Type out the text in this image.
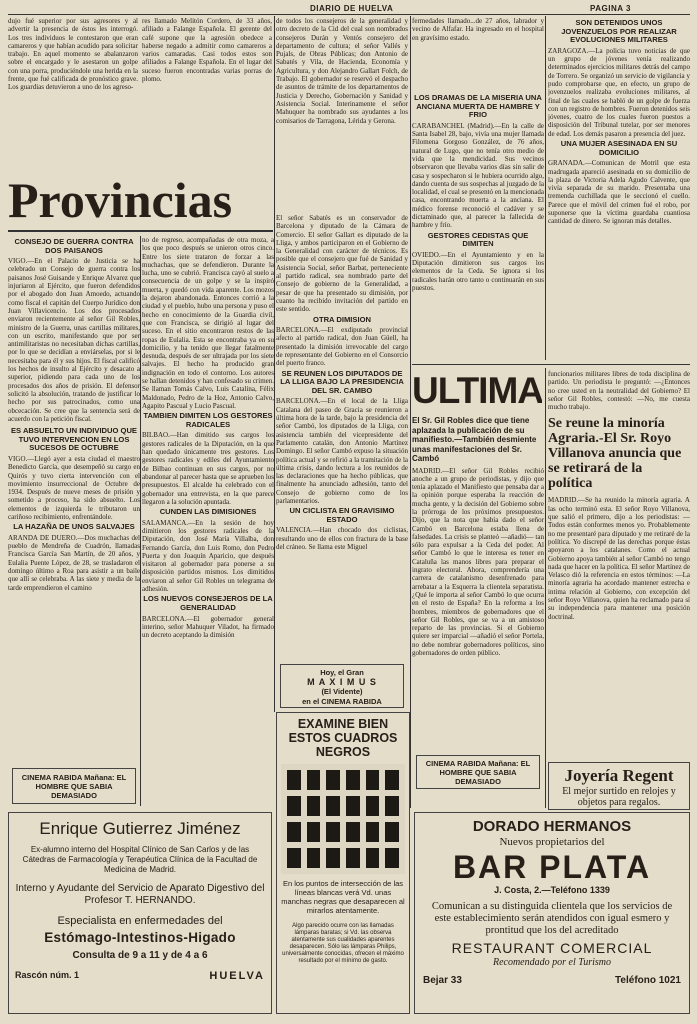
DIARIO DE HUELVA	PAGINA 3
dujo fué superior por sus agresores y al advertir la presencia de éstos les interrogó. Los tres individuos le contestaron que eran camareros y que habían acudido para solicitar trabajo. En aquel momento se abalanzaron sobre el encargado y le asestaron un golpe con una porra, produciéndole una herida en la frente, que fué calificada de pronóstico grave. Los guardias detuvieron a uno de los agreso-
res llamado Melitón Cordero, de 33 años, afiliado a Falange Española. El gerente del café supone que la agresión obedece a haberse negado a admitir como camareros a varios camaradas. Casi todos estos son afiliados a Falange Española. En el lugar del suceso fueron encontradas varias porras de plomo.
de todos los consejeros de la generalidad y otro decreto de la Cid del cual son nombrados consejeros Durán y Ventós consejero del departamento de cultura; el señor Vallés y Pujals, de Obras Públicas; don Antonio de Sabatés y Vila, de Hacienda, Economía y Agricultura, y don Alejandro Gallart Folch, de Trabajo. El gobernador se reservó el despacho de asuntos de trámite de los departamentos de Justicia y Derecho, Gobernación y Sanidad y Asistencia Social. Interinamente el señor Mahuquer ha nombrado sus ayudantes a los comisarios de Tarragona, Lérida y Gerona.
fermedades llamado...de 27 años, labrador y vecino de Alfafar. Ha ingresado en el hospital en gravísimo estado.
Provincias
CONSEJO DE GUERRA CONTRA DOS PAISANOS
VIGO.—En el Palacio de Justicia se ha celebrado un Consejo de guerra contra los paisanos José Guisande y Enrique Alvarez que injuriaron al Ejército, que fueron defendidos por el abogado don Juan Amoedo, actuando como fiscal el capitán del Cuerpo Jurídico don Juan Villavicencio. Los dos procesados enviaron recientemente al señor Gil Robles, ministro de la Guerra, unas cartillas militares, con un escrito, manifestando que por ser antimilitaristas no necesitaban dichas cartillas, por lo que se decidían a enviárselas, por si le necesitaba para él y sus hijos. El fiscal calificó los hechos de insulto al Ejército y desacato a superior, pidiendo para cada uno de los procesados dos años de prisión. El defensor solicitó la absolución, tratando de justificar lo hecho por sus patrocinados, como una obcecación. Se cree que la sentencia será de acuerdo con la petición fiscal.
ES ABSUELTO UN INDIVIDUO QUE TUVO INTERVENCION EN LOS SUCESOS DE OCTUBRE
VIGO.—Llegó ayer a esta ciudad el maestro Benedicto García, que desempeñó su cargo en Quirós y tuvo cierta intervención con el movimiento insurreccional de Octubre de 1934. Después de nueve meses de prisión y sometido a proceso, ha sido absuelto. Los elementos de izquierda le tributaron un cariñoso recibimiento, enfrentándole.
LA HAZAÑA DE UNOS SALVAJES
ARANDA DE DUERO.—Dos muchachas del pueblo de Mendreña de Cuadrón, llamadas Francisca García San Martín, de 20 años, y Eulalia Puente López, de 28, se trasladaron el domingo último a Roa para asistir a un baile que allí se celebraba. A las siete y media de la tarde emprendieron el camino
CINEMA RABIDA Mañana: EL HOMBRE QUE SABIA DEMASIADO
no de regreso, acompañadas de otra moza, a los que poco después se unieron otros cinco. Entre los siete trataron de forzar a las muchachas, que se defendieron. Durante la lucha, uno se cubrió. Francisca cayó al suelo a consecuencia de un golpe y se la inspiró muerta, y quedó con vida aparente. Los mozos la dejaron abandonada. Entonces corrió a la ciudad y el pueblo, hubo una persona y puso el hecho en conocimiento de la Guardia civil, que con Francisca, se dirigió al lugar del suceso. En el sitio encontraron restos de las ropas de Eulalia. Esta se encontraba ya en su domicilio, y ha tenido que llegar fatalmente desnuda, después de ser ultrajada por los siete salvajes. El hecho ha producido gran indignación en todo el contorno. Los autores se hallan detenidos y han confesado su crimen. Se llaman Tomás Calvo, Luis Catalina, Félix Maldonado, Pedro de la Hoz, Antonio Calvo, Agapito Pascual y Lucio Pascual.
TAMBIEN DIMITEN LOS GESTORES RADICALES
BILBAO.—Han dimitido sus cargos los gestores radicales de la Diputación, en la que han quedado únicamente tres gestores. Los gestores radicales y ediles del Ayuntamiento de Bilbao continuan en sus cargos, por no abandonar al parecer hasta que se aprueben los presupuestos. El alcalde ha celebrado con el gobernador una entrevista, en la que parece llegaron a la solución apuntada.
CUNDEN LAS DIMISIONES
SALAMANCA.—En la sesión de hoy dimitieron los gestores radicales de la Diputación, don José María Villalba, don Fernando García, don Luis Romo, don Pedro Puerta y don Joaquín Aparicio, que después visitaron al gobernador para ponerse a su disposición partidos mismos. Los dimitidos enviaron al señor Gil Robles un telegrama de adhesión.
LOS NUEVOS CONSEJEROS DE LA GENERALIDAD
BARCELONA.—El gobernador general interino, señor Mahuquer Viladot, ha firmado un decreto aceptando la dimisión
El señor Sabatés es un conservador de Barcelona y diputado de la Cámara de Comercio. El señor Gallart es diputado de la Lliga, y ambos participaron en el Gobierno de la Generalidad con carácter de técnicos. Es posible que el consejero que fué de Sanidad y Asistencia Social, señor Barbat, perteneciente al partido radical, sea nombrado parte del Consejo de gobierno de la Generalidad, a pesar de que ha presentado su dimisión, por cuanto ha recibido invitación del partido en este sentido.
OTRA DIMISION
BARCELONA.—El exdiputado provincial afecto al partido radical, don Juan Güell, ha presentado la dimisión irrevocable del cargo de representante del Gobierno en el Consorcio del puerto franco.
SE REUNEN LOS DIPUTADOS DE LA LLIGA BAJO LA PRESIDENCIA DEL SR. CAMBO
BARCELONA.—En el local de la Lliga Catalana del paseo de Gracia se reunieron a última hora de la tarde, bajo la presidencia del señor Cambó, los diputados de la Lliga, con asistencia también del vicepresidente del Parlamento catalán, don Antonio Martínez Domingo. El señor Cambó expuso la situación política actual y se refirió a la tramitación de la última crisis, dando lectura a los reunidos de las declaraciones que ha hecho públicas, que finalmente ha anunciado adhesión, tanto del Consejo de gobierno como de los parlamentarios.
UN CICLISTA EN GRAVISIMO ESTADO
VALENCIA.—Han chocado dos ciclistas, resultando uno de ellos con fractura de la base del cráneo. Se llama este Miguel
Hoy, el Gran
M A X I M U S
(El Vidente)
en el CINEMA RABIDA
LOS DRAMAS DE LA MISERIA UNA ANCIANA MUERTA DE HAMBRE Y FRIO
CARABANCHEL (Madrid).—En la calle de Santa Isabel 28, bajo, vivía una mujer llamada Filomena Gorgoso González, de 76 años, natural de Lugo, que no tenía otro medio de vida que la mendicidad. Sus vecinos observaron que llevaba varios días sin salir de casa y sospecharon si le hubiera ocurrido algo, dando cuenta de sus sospechas al juzgado de la localidad, el cual se presentó en la mencionada casa, encontrando muerta a la anciana. El médico forense reconoció el cadáver y se dictaminado que, al parecer la fallecida de hambre y frío.
GESTORES CEDISTAS QUE DIMITEN
OVIEDO.—En el Ayuntamiento y en la Diputación dimitieron sus cargos los elementos de la Ceda. Se ignora si los radicales harán otro tanto o continuarán en sus puestos.
SON DETENIDOS UNOS JOVENZUELOS POR REALIZAR EVOLUCIONES MILITARES
ZARAGOZA.—La policia tuvo noticias de que un grupo de jóvenes venía realizando determinados ejercicios militares detrás del campo de Torrero. Se organizó un servicio de vigilancia y pudo comprobarse que, en efecto, un grupo de jovenzuelos realizaba evoluciones militares, al final de las cuales se habló de un golpe de fuerza con un registro de hombres. Fueron detenidos seis jóvenes, cuatro de los cuales fueron puestos a disposición del Tribunal tutelar, por ser menores de edad. Los demás pasaron a presencia del juez.
UNA MUJER ASESINADA EN SU DOMICILIO
GRANADA.—Comunican de Motril que esta madrugada apareció asesinada en su domicilio de la plaza de Victoria Adela Agudo Calvente, que vivía separada de su marido. Presentaba una tremenda cuchillada que le seccionó el cuello. Parece que el móvil del crimen fué el robo, por suponerse que la víctima guardaba cuantiosa cantidad de dinero. Se ignoran más detalles.
ULTIMA
El Sr. Gil Robles dice que tiene aplazada la publicación de su manifiesto.—También desmiente unas manifestaciones del Sr. Cambó
MADRID.—El señor Gil Robles recibió anoche a un grupo de periodistas, y dijo que tenía aplazado el Manifiesto que pensaba dar a la opinión porque esperaba la reacción de mucha gente, y la decisión del Gobierno sobre la prórroga de los próximos presupuestos. Dijo, que la nota que había dado el señor Cambó en Barcelona estaba llena de falsedades. La crisis se planteó —añadió— tan sólo para expulsar a la Ceda del poder. Al señor Cambó lo que le interesa es tener en Cataluña las manos libres para preparar el ingrato electoral. Ahora, comprendería una carrera de catalanismo desenfrenado para arrebatar a la Esquerra la clientela separatista. ¿Qué le importa al señor Cambó lo que ocurra en el resto de España? En la reforma a los hombres, miembros de gobernadores que el señor Gil Robles, que se va a un amistoso reparto de las provincias. Si el Gobierno quiere ser imparcial —añadió el señor Portela, no debe nombrar gobernadores políticos, sino gobernadores de orden público.
funcionarios militares libres de toda disciplina de partido. Un periodista le preguntó: —¿Entonces no cree usted en la neutralidad del Gobierno? El señor Gil Robles, contestó: —No, me cuesta mucho trabajo.
Se reune la minoría Agraria.-El Sr. Royo Villanova anuncia que se retirará de la política
MADRID.—Se ha reunido la minoría agraria. A las ocho terminó esta. El señor Royo Villanova, que salió el primero, dijo a los periodistas: —Todos están conformes menos yo. Probablemente no me presentaré para diputado y me retiraré de la política. Yo discrepé de las derechas porque éstas apoyaron a los catalanes. Como el actual Gobierno apoya también al señor Cambó no tengo nada que hacer en la política. El señor Martínez de Velasco dió la referencia en estos términos: —La minoría agraria ha acordado mantener estrecha e intima relación al Gobierno, con excepción del señor Royo Villanova, quien ha reclamado para sí su independencia para mantener una posición doctrinal.
CINEMA RABIDA Mañana: EL HOMBRE QUE SABIA DEMASIADO	Joyería Regent
El mejor surtido en relojes y objetos para regalos.
EXAMINE BIEN ESTOS CUADROS NEGROS
En los puntos de intersección de las líneas blancas verá Vd. unas manchas negras que desaparecen al mirarlos atentamente.
Algo parecido ocurre con las llamadas lámparas baratas; si Vd. las observa atentamente sus cualidades aparentes desaparecen. Sólo las lámparas Philips, universalmente conocidas, ofrecen el máximo resultado por el mínimo de gasto.
Enrique Gutierrez Jiménez
Ex-alumno interno del Hospital Clínico de San Carlos y de las Cátedras de Farmacología y Terapéutica Clínica de la Facultad de Medicina de Madrid.
Interno y Ayudante del Servicio de Aparato Digestivo del Profesor T. HERNANDO.
Especialista en enfermedades del
Estómago-Intestinos-Higado
Consulta de 9 a 11 y de 4 a 6
Rascón núm. 1	HUELVA
DORADO HERMANOS
Nuevos propietarios del
BAR PLATA
J. Costa, 2.—Teléfono 1339
Comunican a su distinguida clientela que los servicios de este establecimiento serán atendidos con igual esmero y prontitud que los del acreditado
RESTAURANT COMERCIAL
Recomendado por el Turismo
Bejar 33	Teléfono 1021
